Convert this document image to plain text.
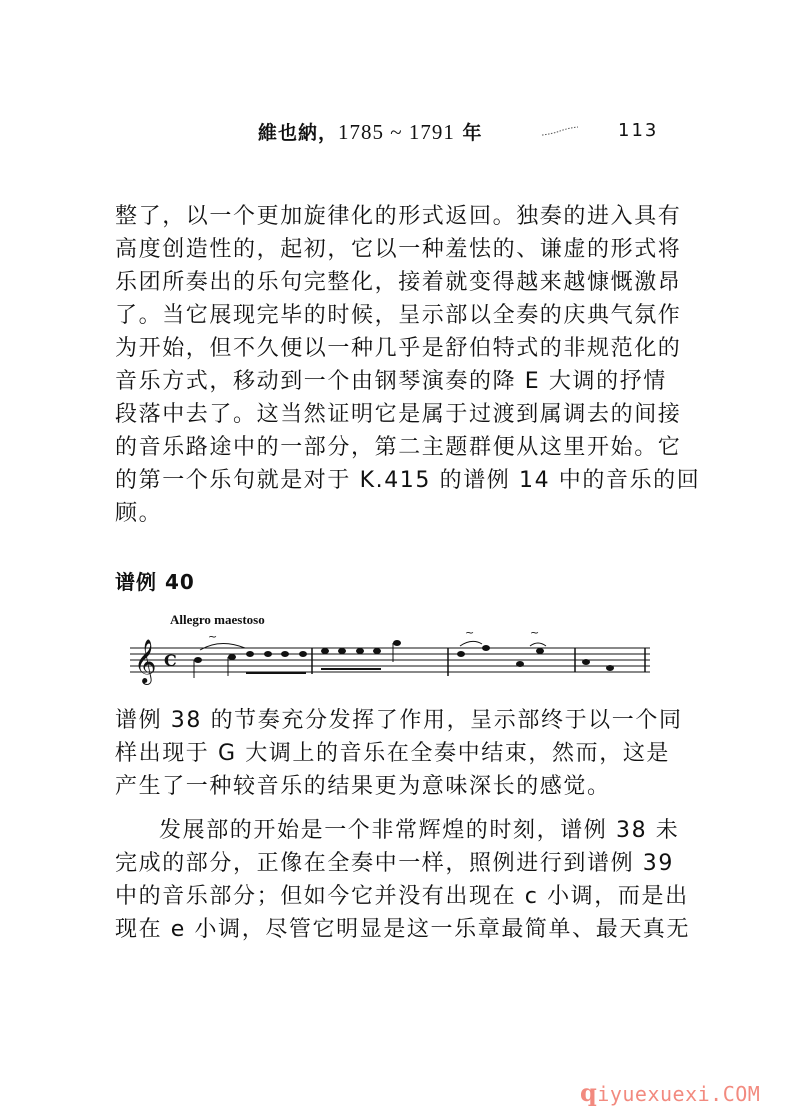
維也納，1785 ~ 1791 年	113
整了，以一个更加旋律化的形式返回。独奏的进入具有
高度创造性的，起初，它以一种羞怯的、谦虚的形式将
乐团所奏出的乐句完整化，接着就变得越来越慷慨激昂
了。当它展现完毕的时候，呈示部以全奏的庆典气氛作
为开始，但不久便以一种几乎是舒伯特式的非规范化的
音乐方式，移动到一个由钢琴演奏的降 E 大调的抒情
段落中去了。这当然证明它是属于过渡到属调去的间接
的音乐路途中的一部分，第二主题群便从这里开始。它
的第一个乐句就是对于 K.415 的谱例 14 中的音乐的回
顾。
谱例 40
Allegro maestoso
𝄞 C
~	~	~
谱例 38 的节奏充分发挥了作用，呈示部终于以一个同
样出现于 G 大调上的音乐在全奏中结束，然而，这是
产生了一种较音乐的结果更为意味深长的感觉。
发展部的开始是一个非常辉煌的时刻，谱例 38 未
完成的部分，正像在全奏中一样，照例进行到谱例 39
中的音乐部分；但如今它并没有出现在 c 小调，而是出
现在 e 小调，尽管它明显是这一乐章最简单、最天真无
qiyuexuexi.COM
